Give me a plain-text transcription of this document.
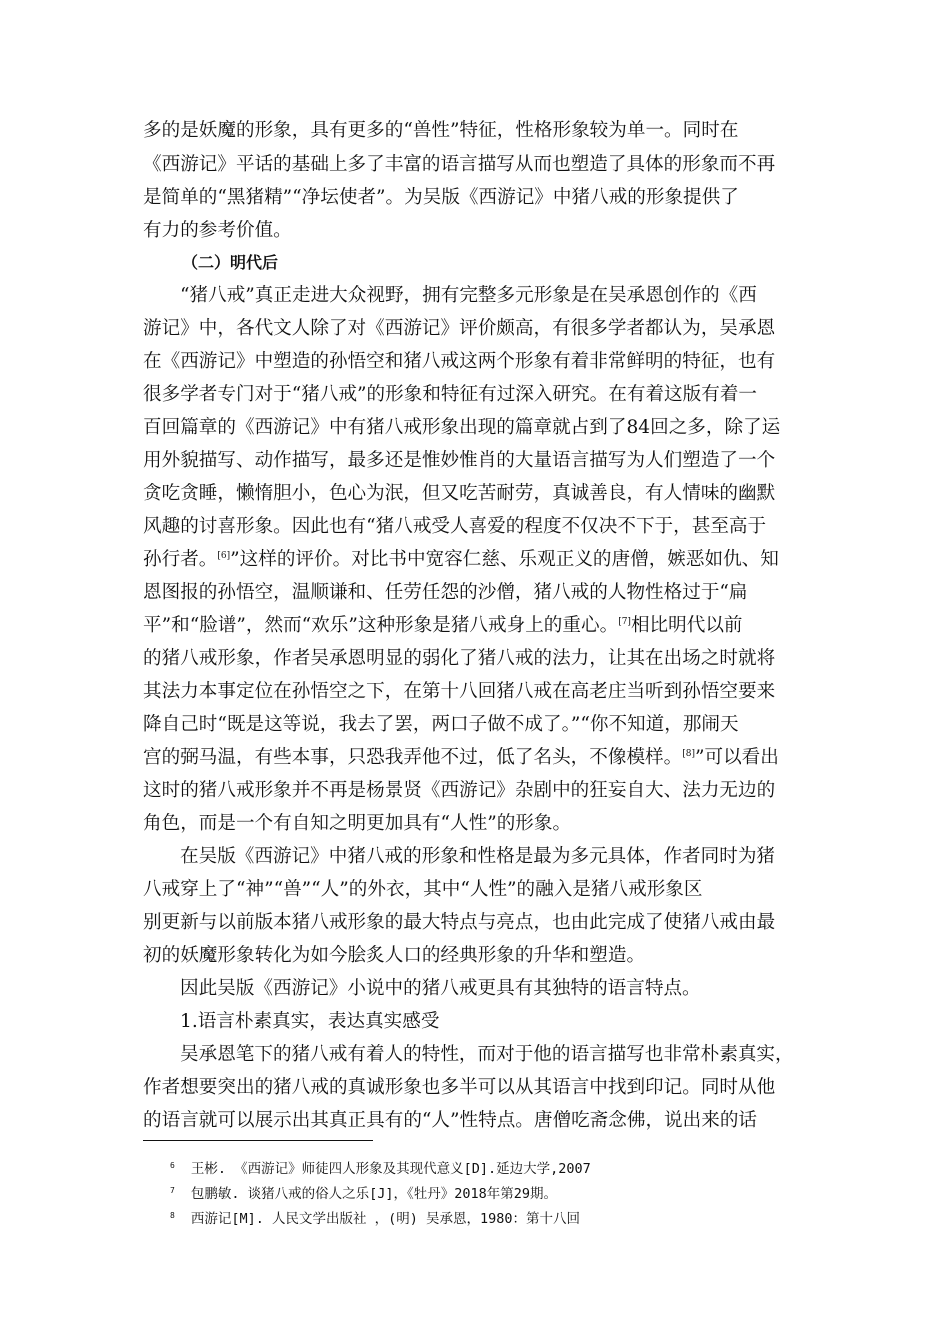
多的是妖魔的形象，具有更多的“兽性”特征，性格形象较为单一。同时在
《西游记》平话的基础上多了丰富的语言描写从而也塑造了具体的形象而不再
是简单的“黑猪精”“净坛使者”。为吴版《西游记》中猪八戒的形象提供了
有力的参考价值。
（二）明代后
“猪八戒”真正走进大众视野，拥有完整多元形象是在吴承恩创作的《西
游记》中，各代文人除了对《西游记》评价颇高，有很多学者都认为，吴承恩
在《西游记》中塑造的孙悟空和猪八戒这两个形象有着非常鲜明的特征，也有
很多学者专门对于“猪八戒”的形象和特征有过深入研究。在有着这版有着一
百回篇章的《西游记》中有猪八戒形象出现的篇章就占到了84回之多，除了运
用外貌描写、动作描写，最多还是惟妙惟肖的大量语言描写为人们塑造了一个
贪吃贪睡，懒惰胆小，色心为泯，但又吃苦耐劳，真诚善良，有人情味的幽默
风趣的讨喜形象。因此也有“猪八戒受人喜爱的程度不仅决不下于，甚至高于
孙行者。[6]”这样的评价。对比书中宽容仁慈、乐观正义的唐僧，嫉恶如仇、知
恩图报的孙悟空，温顺谦和、任劳任怨的沙僧，猪八戒的人物性格过于“扁
平”和“脸谱”，然而“欢乐”这种形象是猪八戒身上的重心。[7]相比明代以前
的猪八戒形象，作者吴承恩明显的弱化了猪八戒的法力，让其在出场之时就将
其法力本事定位在孙悟空之下，在第十八回猪八戒在高老庄当听到孙悟空要来
降自己时“既是这等说，我去了罢，两口子做不成了。”“你不知道，那闹天
宫的弼马温，有些本事，只恐我弄他不过，低了名头，不像模样。[8]”可以看出
这时的猪八戒形象并不再是杨景贤《西游记》杂剧中的狂妄自大、法力无边的
角色，而是一个有自知之明更加具有“人性”的形象。
在吴版《西游记》中猪八戒的形象和性格是最为多元具体，作者同时为猪
八戒穿上了“神”“兽”“人”的外衣，其中“人性”的融入是猪八戒形象区
别更新与以前版本猪八戒形象的最大特点与亮点，也由此完成了使猪八戒由最
初的妖魔形象转化为如今脍炙人口的经典形象的升华和塑造。
因此吴版《西游记》小说中的猪八戒更具有其独特的语言特点。
1.语言朴素真实，表达真实感受
吴承恩笔下的猪八戒有着人的特性，而对于他的语言描写也非常朴素真实，
作者想要突出的猪八戒的真诚形象也多半可以从其语言中找到印记。同时从他
的语言就可以展示出其真正具有的“人”性特点。唐僧吃斋念佛，说出来的话
$^6$ 王彬. 《西游记》师徒四人形象及其现代意义[D].延边大学,2007
$^7$ 包鹏敏. 谈猪八戒的俗人之乐[J]，《牡丹》2018年第29期。
$^8$ 西游记[M]. 人民文学出版社 ，(明) 吴承恩，1980：第十八回
